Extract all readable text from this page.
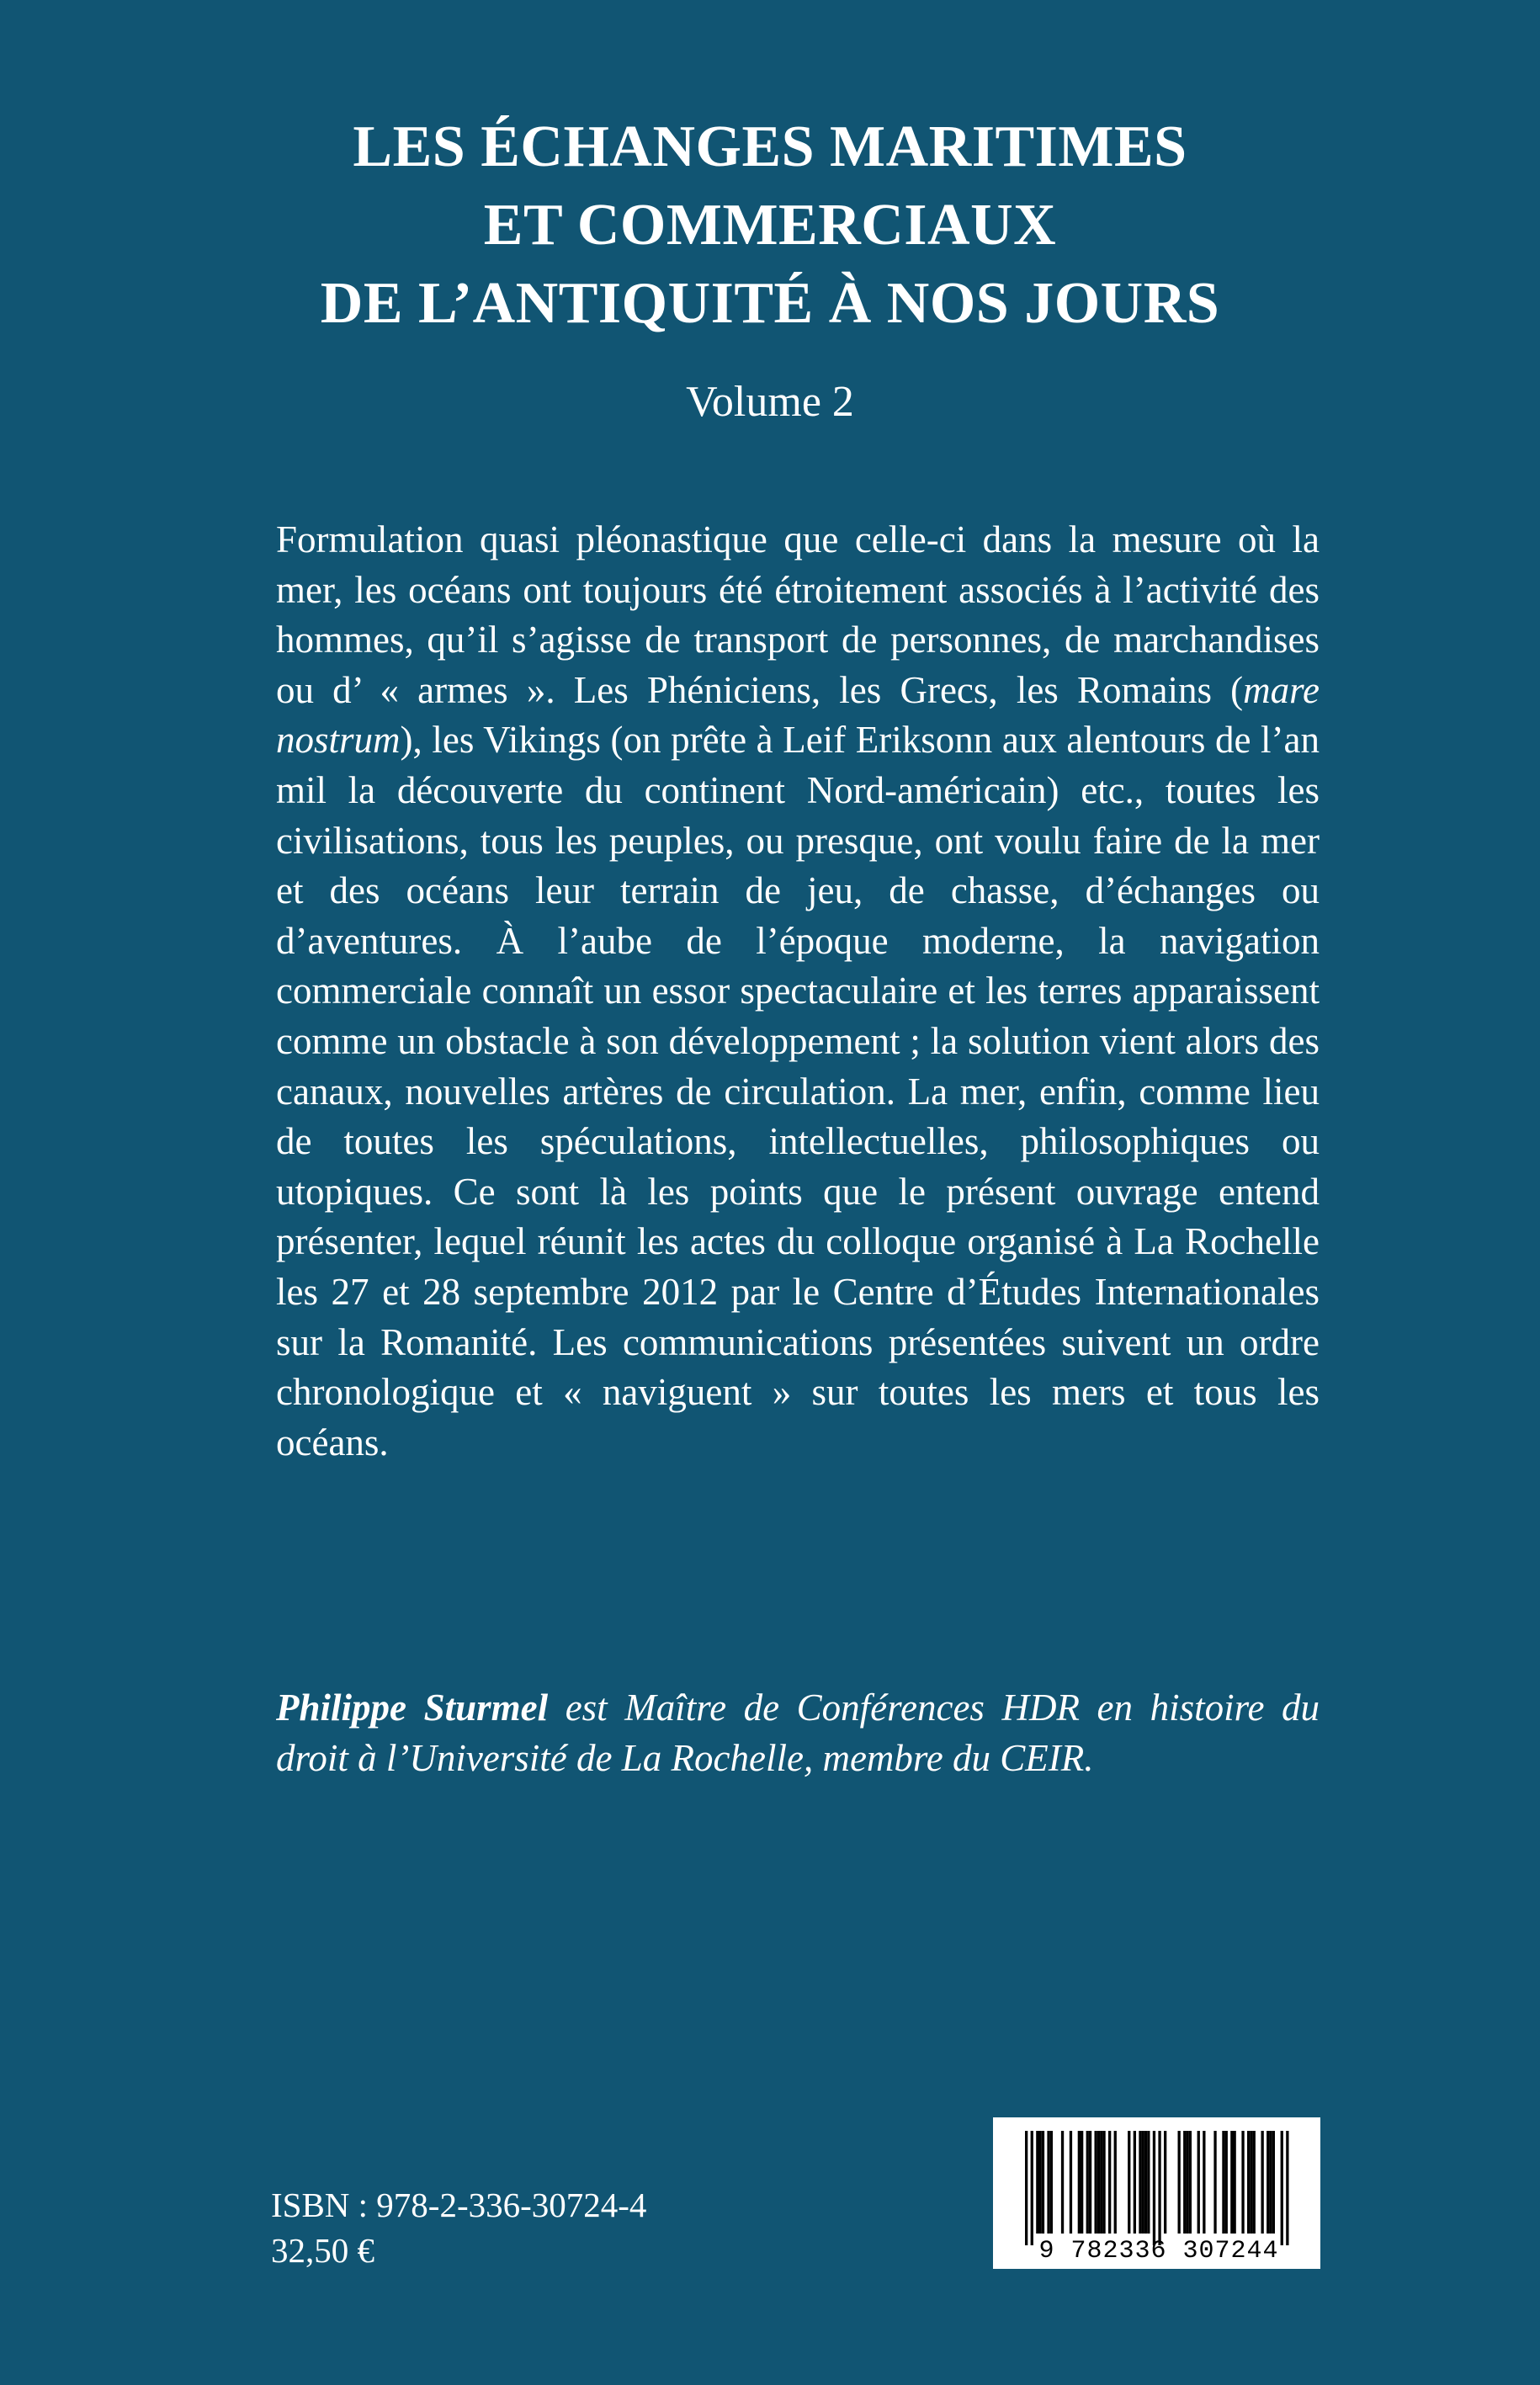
LES ÉCHANGES MARITIMES
ET COMMERCIAUX
DE L’ANTIQUITÉ À NOS JOURS
Volume 2

Formulation quasi pléonastique que celle-ci dans la mesure où la mer, les océans ont toujours été étroitement associés à l’activité des hommes, qu’il s’agisse de transport de personnes, de marchandises ou d’ « armes ». Les Phéniciens, les Grecs, les Romains (mare nostrum), les Vikings (on prête à Leif Eriksonn aux alentours de l’an mil la découverte du continent Nord-américain) etc., toutes les civilisations, tous les peuples, ou presque, ont voulu faire de la mer et des océans leur terrain de jeu, de chasse, d’échanges ou d’aventures. À l’aube de l’époque moderne, la navigation commerciale connaît un essor spectaculaire et les terres apparaissent comme un obstacle à son développement ; la solution vient alors des canaux, nouvelles artères de circulation. La mer, enfin, comme lieu de toutes les spéculations, intellectuelles, philosophiques ou utopiques. Ce sont là les points que le présent ouvrage entend présenter, lequel réunit les actes du colloque organisé à La Rochelle les 27 et 28 septembre 2012 par le Centre d’Études Internationales sur la Romanité. Les communications présentées suivent un ordre chronologique et « naviguent » sur toutes les mers et tous les océans.

Philippe Sturmel est Maître de Conférences HDR en histoire du droit à l’Université de La Rochelle, membre du CEIR.

ISBN : 978-2-336-30724-4
32,50 €	9 782336 307244
